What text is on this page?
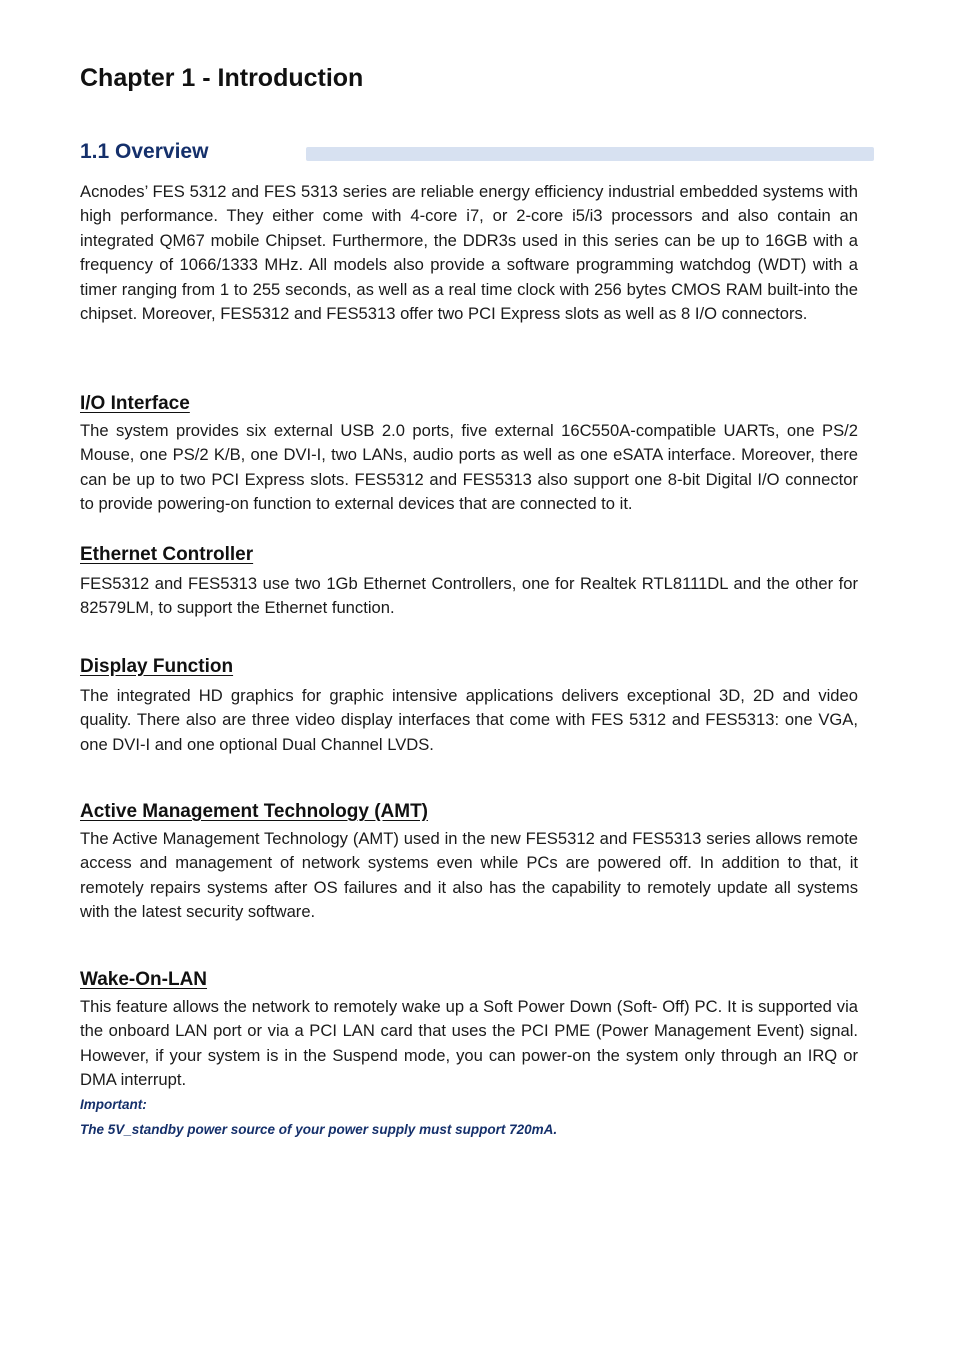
Chapter 1 - Introduction
1.1 Overview

Acnodes’ FES 5312 and FES 5313 series are reliable energy efficiency industrial embedded systems with high performance. They either come with 4-core i7, or 2-core i5/i3 processors and also contain an integrated QM67 mobile Chipset. Furthermore, the DDR3s used in this series can be up to 16GB with a frequency of 1066/1333 MHz. All models also provide a software programming watchdog (WDT) with a timer ranging from 1 to 255 seconds, as well as a real time clock with 256 bytes CMOS RAM built-into the chipset. Moreover, FES5312 and FES5313 offer two PCI Express slots as well as 8 I/O connectors.

I/O Interface

The system provides six external USB 2.0 ports, five external 16C550A-compatible UARTs, one PS/2 Mouse, one PS/2 K/B, one DVI-I, two LANs, audio ports as well as one eSATA interface. Moreover, there can be up to two PCI Express slots. FES5312 and FES5313 also support one 8-bit Digital I/O connector to provide powering-on function to external devices that are connected to it.

Ethernet Controller

FES5312 and FES5313 use two 1Gb Ethernet Controllers, one for Realtek RTL8111DL and the other for 82579LM, to support the Ethernet function.

Display Function

The integrated HD graphics for graphic intensive applications delivers exceptional 3D, 2D and video quality. There also are three video display interfaces that come with FES 5312 and FES5313: one VGA, one DVI-I and one optional Dual Channel LVDS.

Active Management Technology (AMT)

The Active Management Technology (AMT) used in the new FES5312 and FES5313 series allows remote access and management of network systems even while PCs are powered off. In addition to that, it remotely repairs systems after OS failures and it also has the capability to remotely update all systems with the latest security software.

Wake-On-LAN

This feature allows the network to remotely wake up a Soft Power Down (Soft- Off) PC. It is supported via the onboard LAN port or via a PCI LAN card that uses the PCI PME (Power Management Event) signal. However, if your system is in the Suspend mode, you can power-on the system only through an IRQ or DMA interrupt.

Important:

The 5V_standby power source of your power supply must support 720mA.
